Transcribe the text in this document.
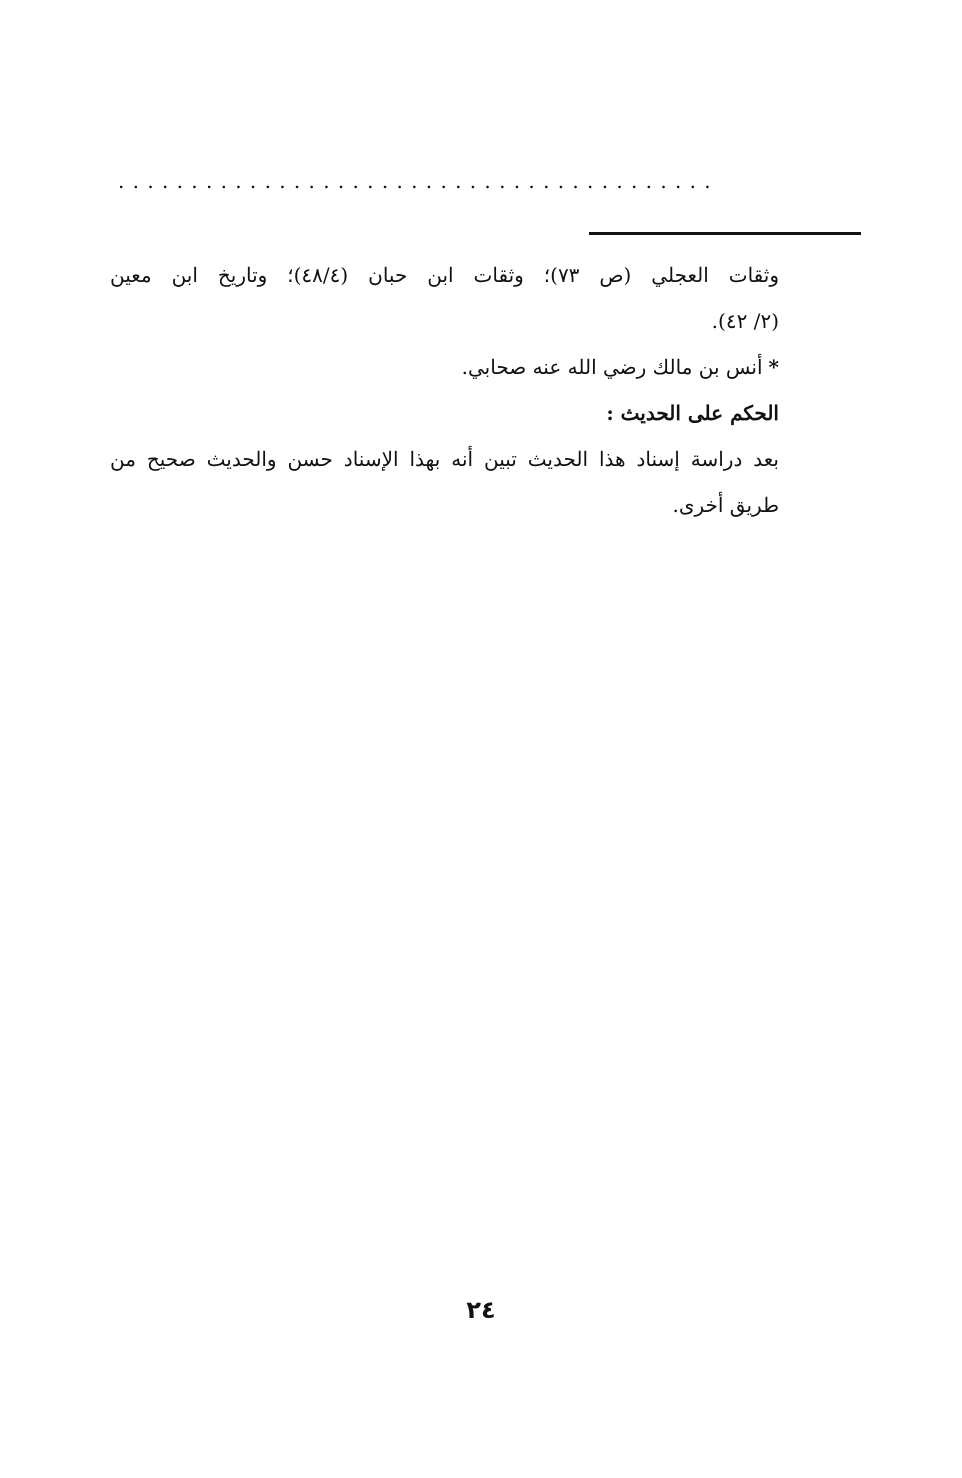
.........................................
وثقات العجلي (ص ٧٣)؛ وثقات ابن حبان (٤٨/٤)؛ وتاريخ ابن معين
(٢/ ٤٢).
*أنس بن مالك رضي الله عنه صحابي.
الحكم على الحديث :
بعد دراسة إسناد هذا الحديث تبين أنه بهذا الإسناد حسن والحديث صحيح من
طريق أخرى.
٢٤
